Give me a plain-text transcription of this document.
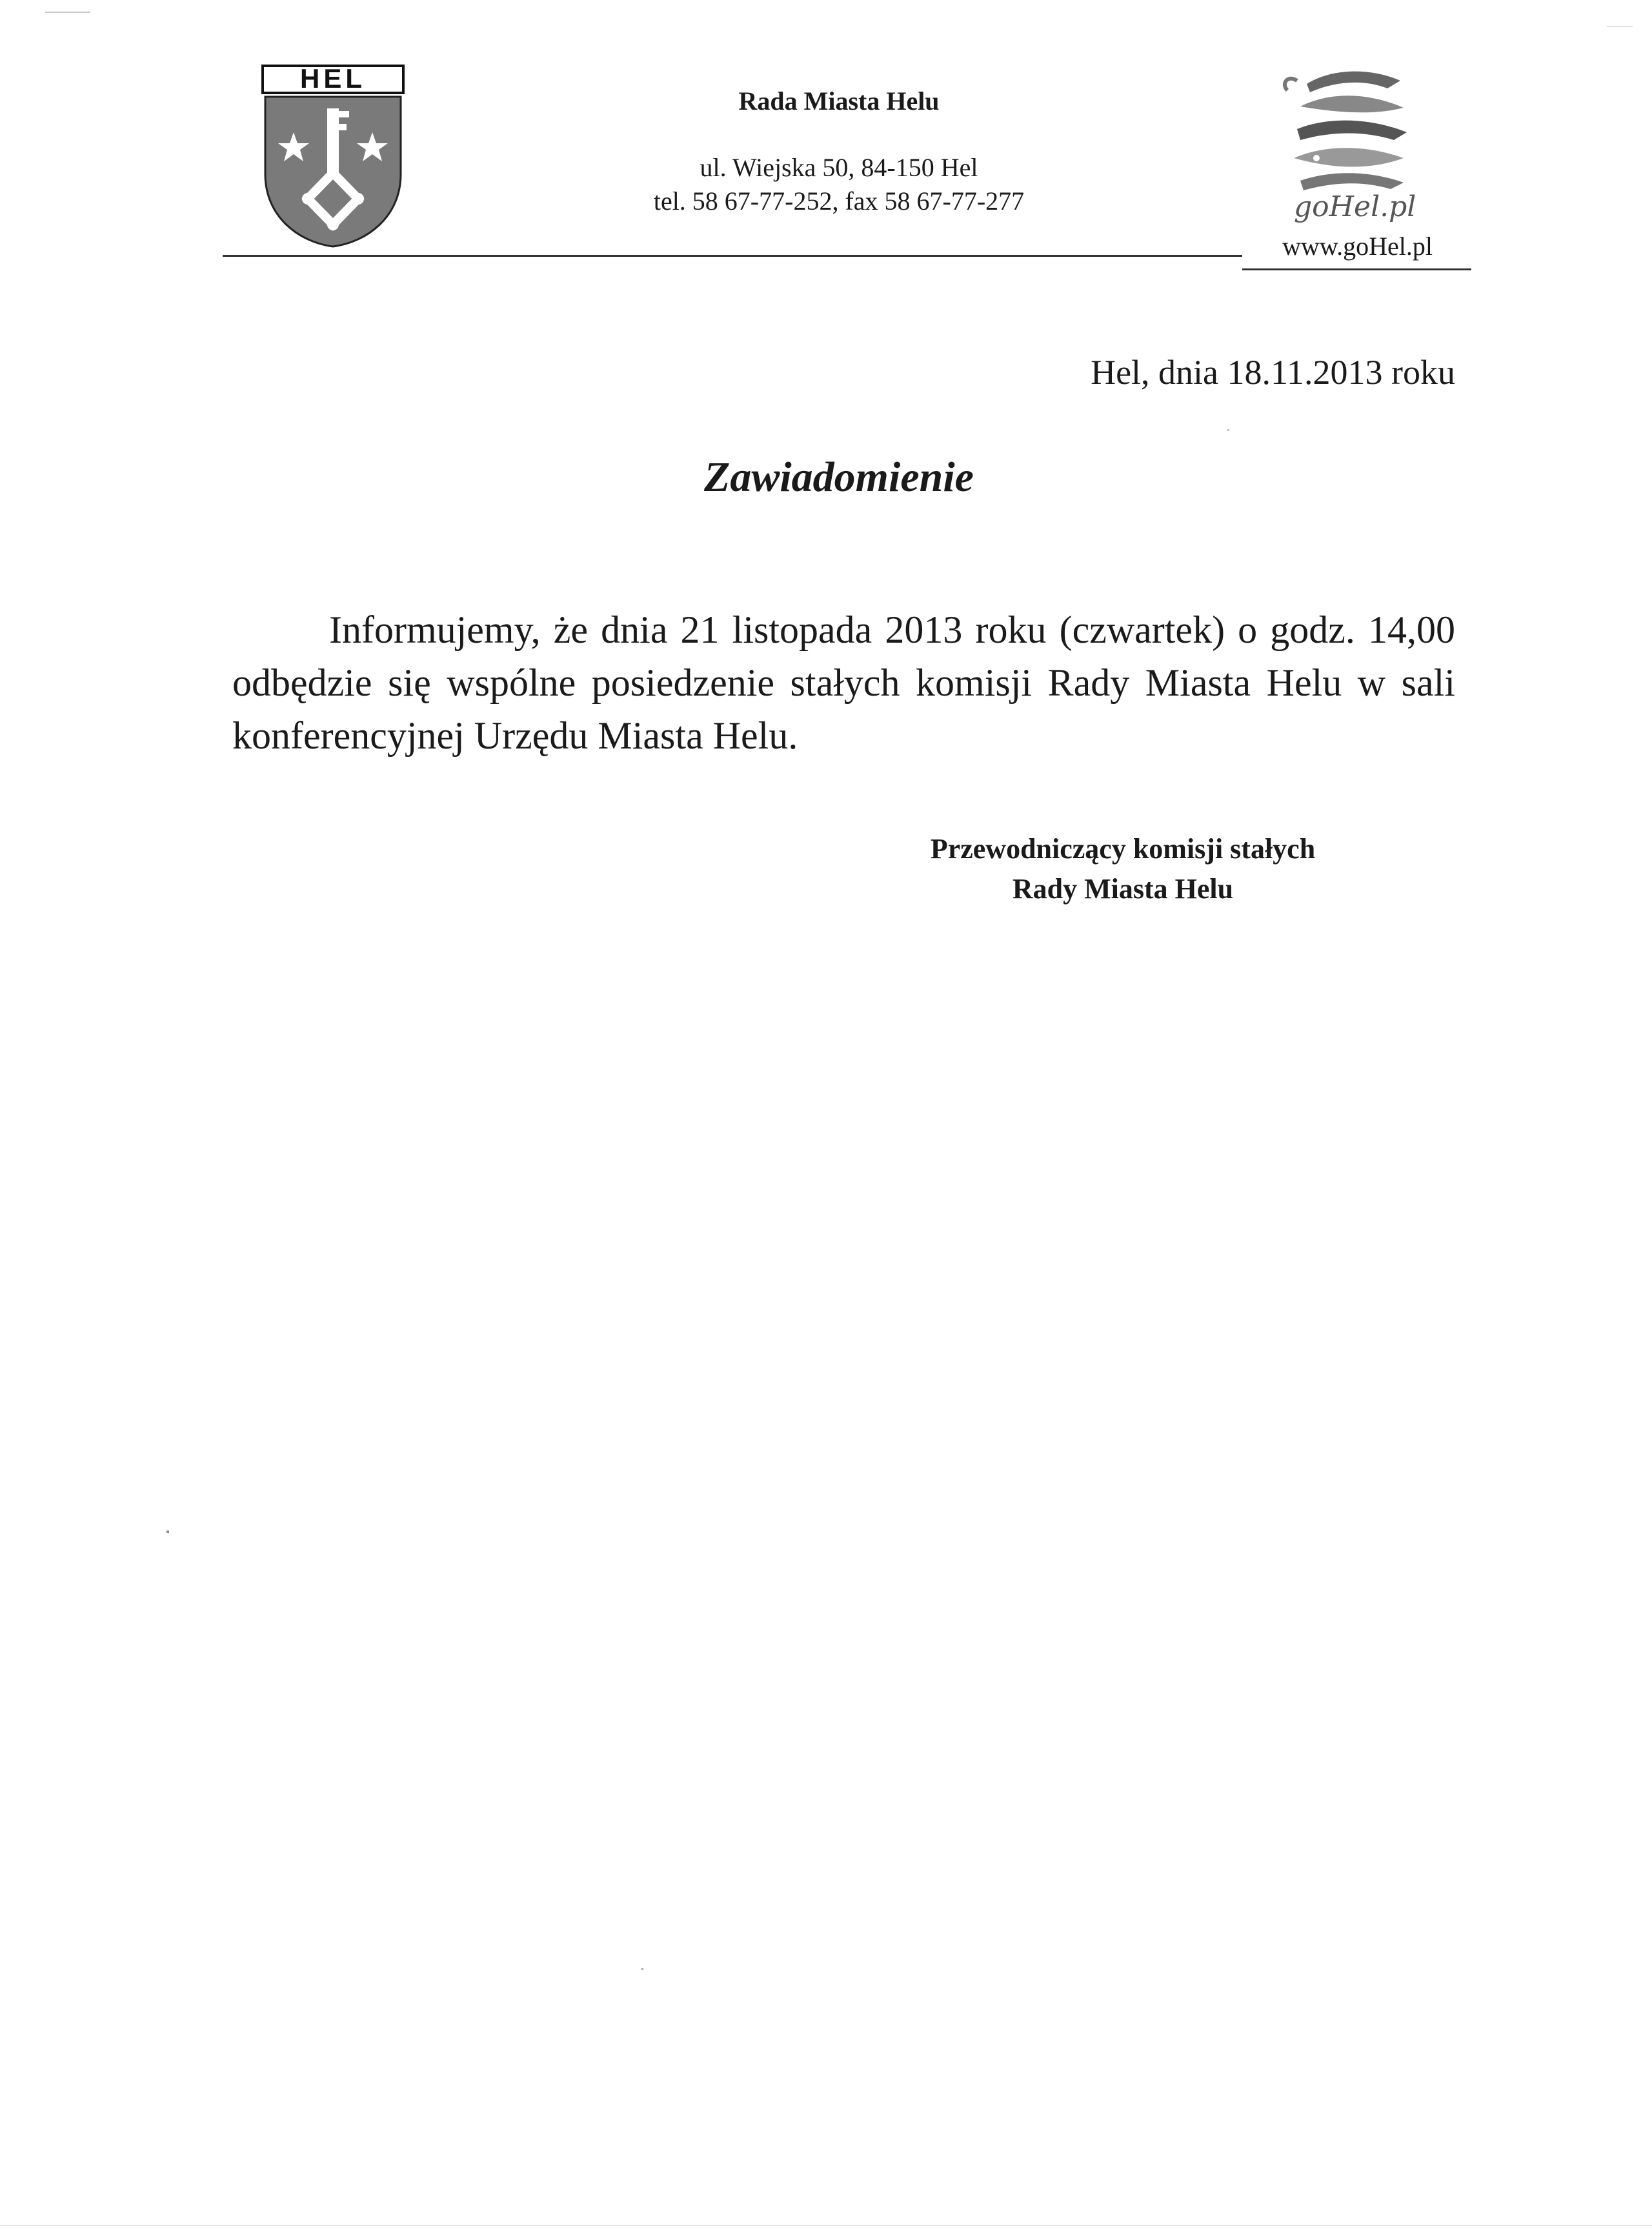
HEL

Rada Miasta Helu

ul. Wiejska 50, 84-150 Hel

tel. 58 67-77-252, fax 58 67-77-277	goHel.pl
www.goHel.pl
Hel, dnia 18.11.2013 roku
Zawiadomienie
Informujemy, że dnia 21 listopada 2013 roku (czwartek) o godz. 14,00 odbędzie się wspólne posiedzenie stałych komisji Rady Miasta Helu w sali konferencyjnej Urzędu Miasta Helu.
Przewodniczący komisji stałych
Rady Miasta Helu
